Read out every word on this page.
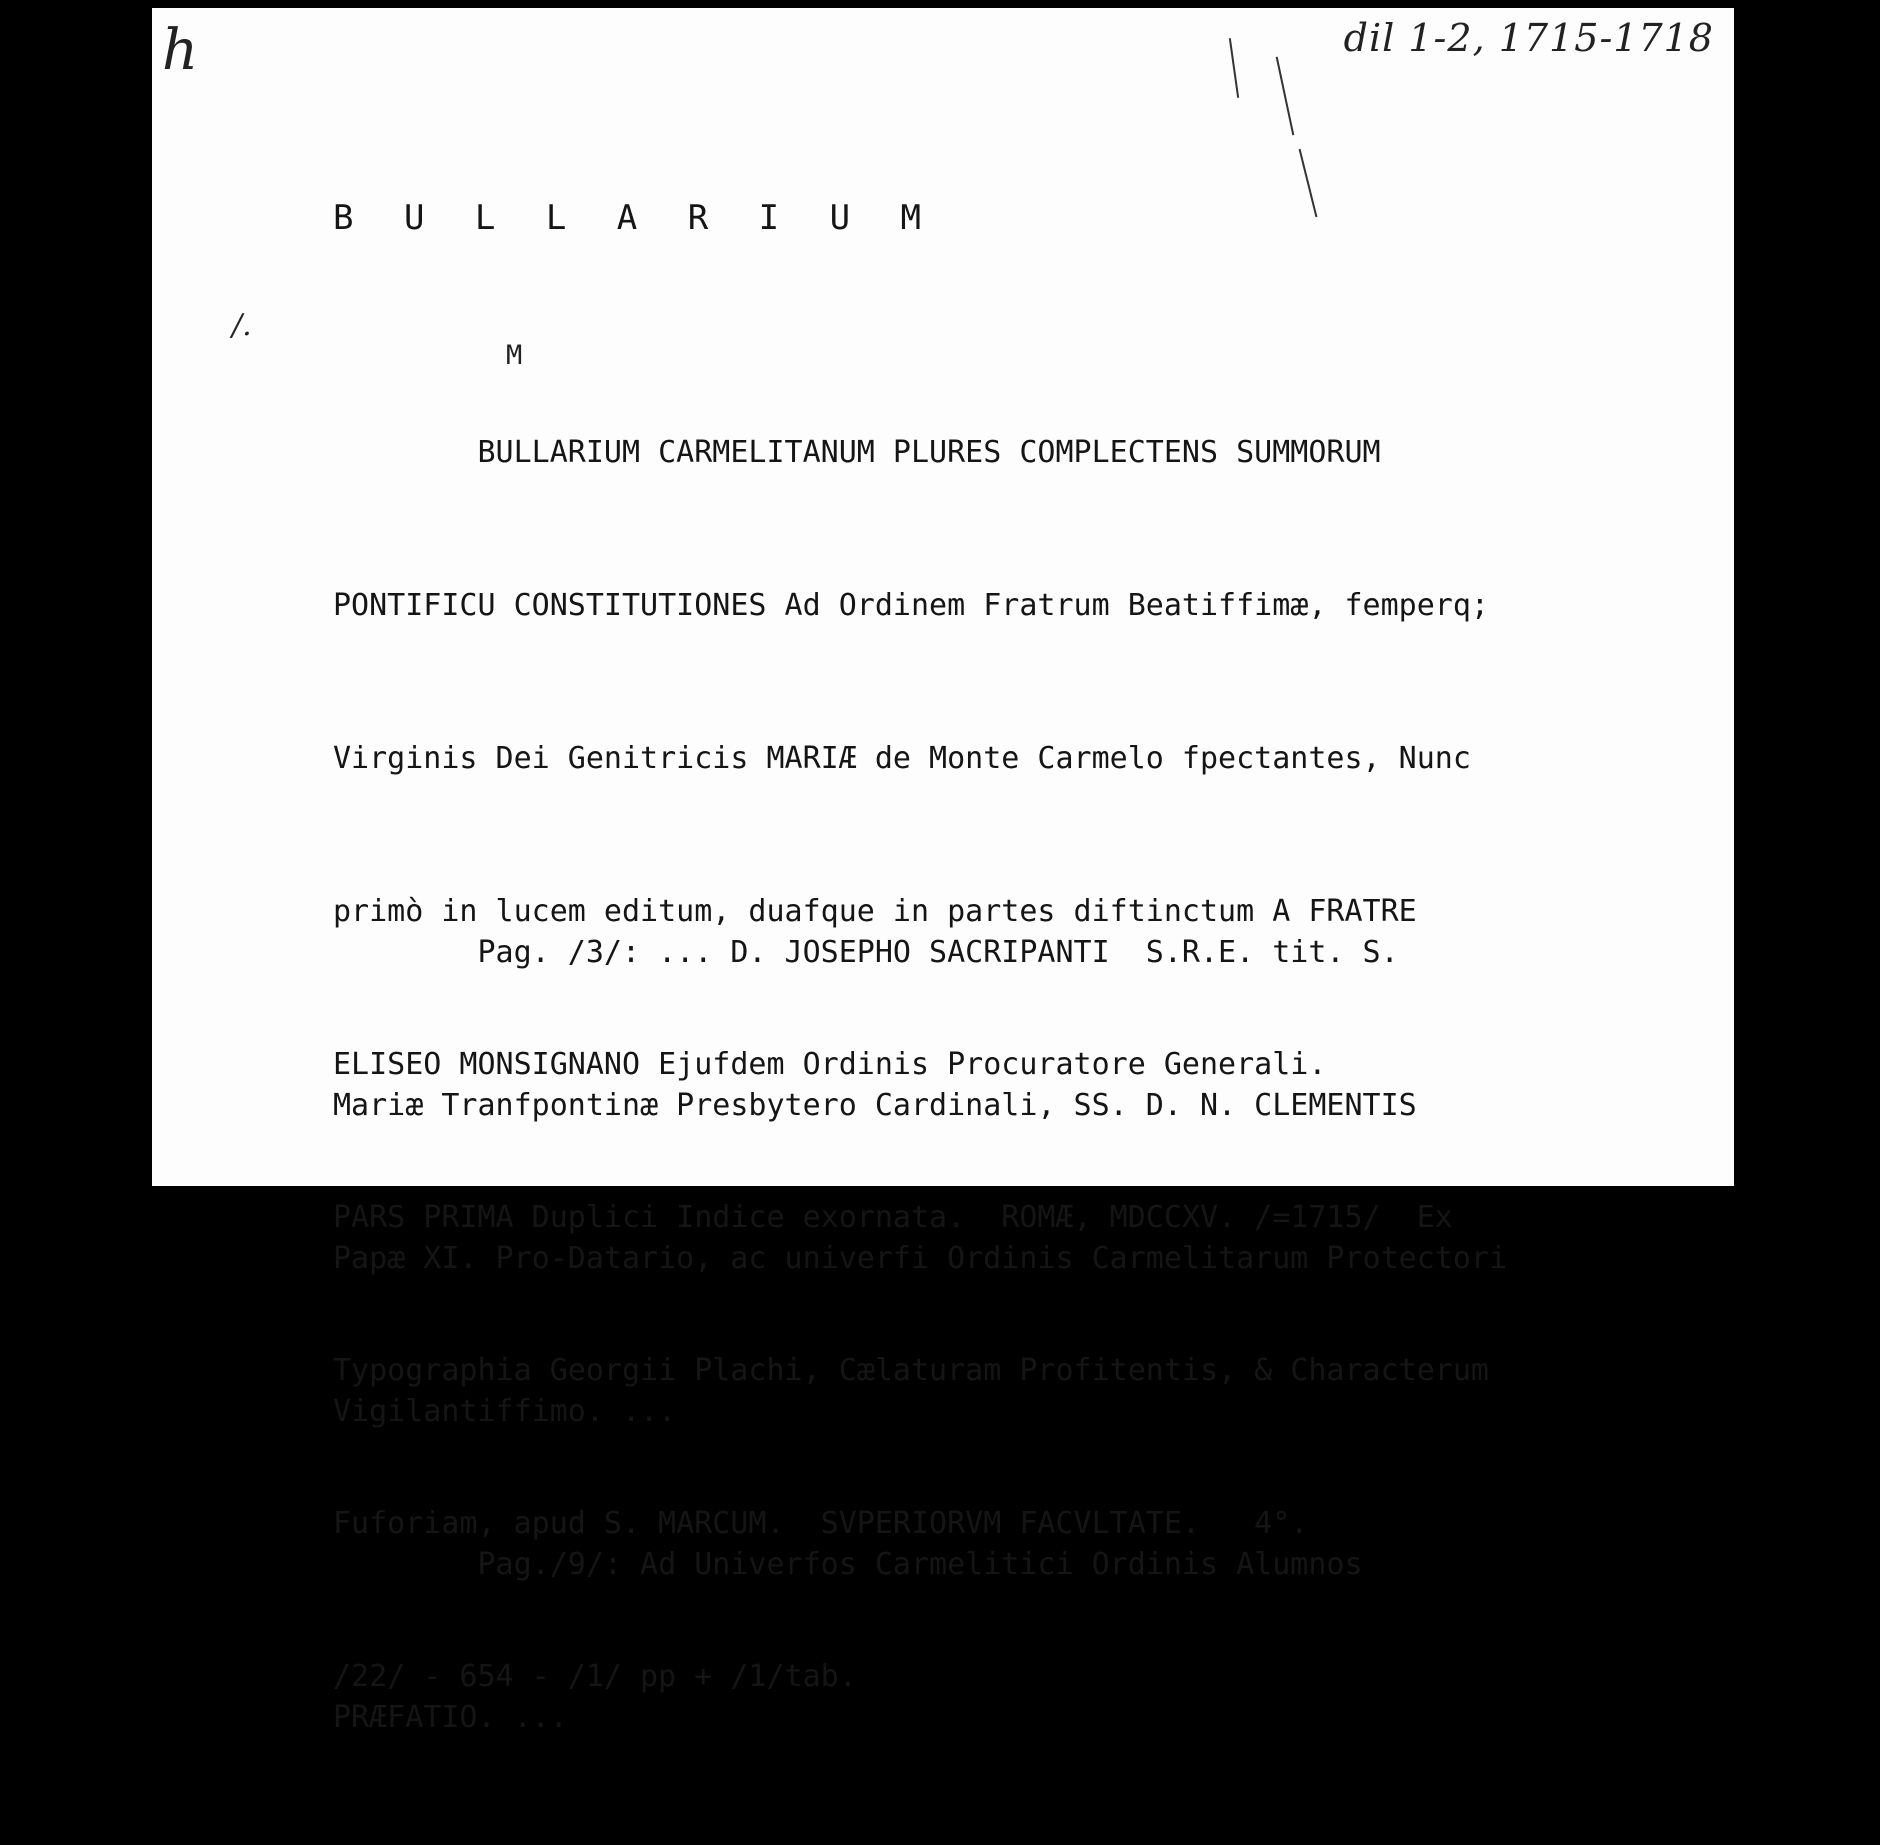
h	dil 1-2, 1715-1718
/.
M
B U L L A R I U M

BULLARIUM CARMELITANUM PLURES COMPLECTENS SUMMORUM

PONTIFICU CONSTITUTIONES Ad Ordinem Fratrum Beatiffimæ, femperq;

Virginis Dei Genitricis MARIÆ de Monte Carmelo fpectantes, Nunc

primò in lucem editum, duafque in partes diftinctum A FRATRE

ELISEO MONSIGNANO Ejufdem Ordinis Procuratore Generali.

PARS PRIMA Duplici Indice exornata.  ROMÆ, MDCCXV. /=1715/  Ex

Typographia Georgii Plachi, Cælaturam Profitentis, & Characterum

Fuforiam, apud S. MARCUM.  SVPERIORVM FACVLTATE.   4°.

/22/ - 654 - /1/ pp + /1/tab.

Pag. /3/: ... D. JOSEPHO SACRIPANTI  S.R.E. tit. S.

Mariæ Tranfpontinæ Presbytero Cardinali, SS. D. N. CLEMENTIS

Papæ XI. Pro-Datario, ac univerfi Ordinis Carmelitarum Protectori

Vigilantiffimo. ...

Pag./9/: Ad Univerfos Carmelitici Ordinis Alumnos

PRÆFATIO. ...
